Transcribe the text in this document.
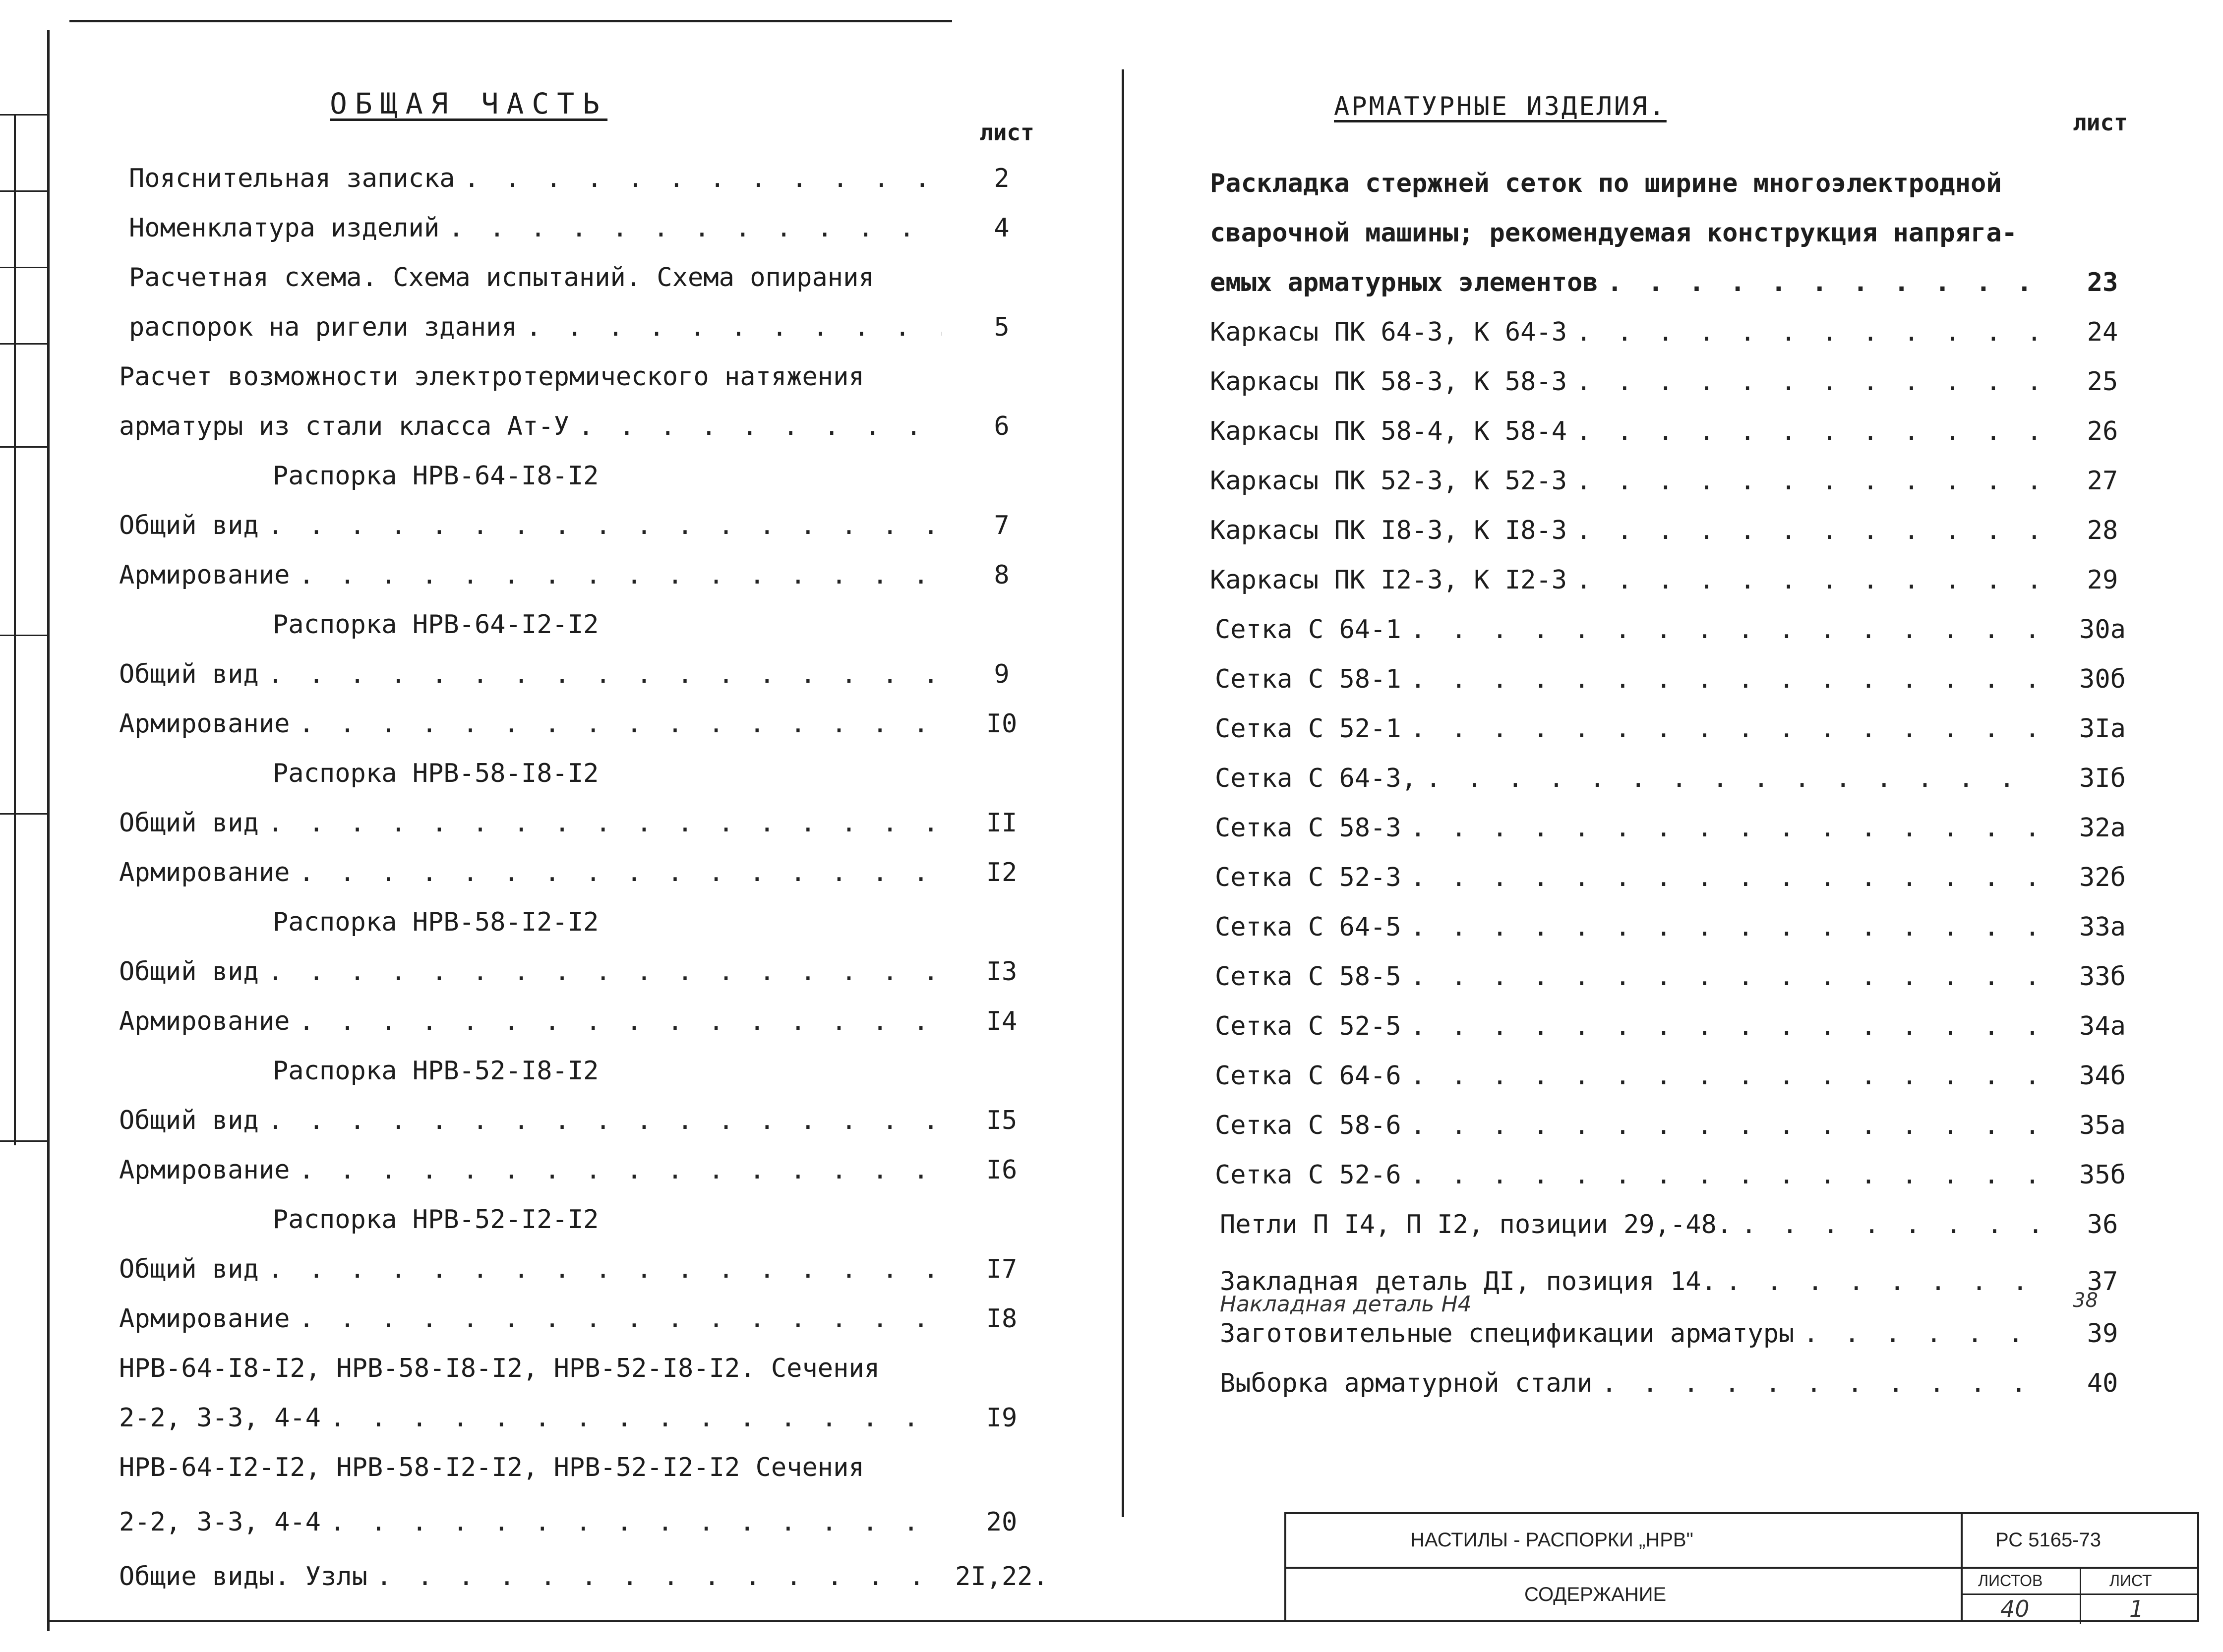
ОБЩАЯ ЧАСТЬ
лист
Пояснительная записка . . .	2
Номенклатура изделий . . .	4
Расчетная схема. Схема испытаний. Схема опирания
распорок на ригели здания . . .	5
Расчет возможности электротермического натяжения
арматуры из стали класса Ат-У . . .	6
Общий вид . . .	7
Армирование . . .	8
Общий вид . . .	9
Армирование . . .	I0
Общий вид . . .	II
Армирование . . .	I2
Общий вид . . .	I3
Армирование . . .	I4
Общий вид . . .	I5
Армирование . . .	I6
Общий вид . . .	I7
Армирование . . .	I8
НРВ-64-I8-I2, НРВ-58-I8-I2, НРВ-52-I8-I2. Сечения
2-2, 3-3, 4-4 . . .	I9
НРВ-64-I2-I2, НРВ-58-I2-I2, НРВ-52-I2-I2 Сечения
2-2, 3-3, 4-4 . . .	20
Общие виды. Узлы . . .	2I,22.
Распорка НРВ-64-I8-I2
Распорка НРВ-64-I2-I2
Распорка НРВ-58-I8-I2
Распорка НРВ-58-I2-I2
Распорка НРВ-52-I8-I2
Распорка НРВ-52-I2-I2
АРМАТУРНЫЕ ИЗДЕЛИЯ.
лист
Раскладка стержней сеток по ширине многоэлектродной
сварочной машины; рекомендуемая конструкция напряга-
емых арматурных элементов . . .	23
Каркасы ПК 64-3, К 64-3 . . .	24
Каркасы ПК 58-3, К 58-3 . . .	25
Каркасы ПК 58-4, К 58-4 . . .	26
Каркасы ПК 52-3, К 52-3 . . .	27
Каркасы ПК I8-3, К I8-3 . . .	28
Каркасы ПК I2-3, К I2-3 . . .	29
Сетка С 64-1 . . .	30а
Сетка С 58-1 . . .	30б
Сетка С 52-1 . . .	3Iа
Сетка С 64-3, . . .	3Iб
Сетка С 58-3 . . .	32а
Сетка С 52-3 . . .	32б
Сетка С 64-5 . . .	33а
Сетка С 58-5 . . .	33б
Сетка С 52-5 . . .	34а
Сетка С 64-6 . . .	34б
Сетка С 58-6 . . .	35а
Сетка С 52-6 . . .	35б
Петли П I4, П I2, позиции 29,-48. . . .	36
Закладная деталь ДI, позиция 14. . . .	37
Заготовительные спецификации арматуры . . .	39
Выборка арматурной стали . . .	40
Накладная деталь Н4	38
НАСТИЛЫ - РАСПОРКИ „НРВ"
СОДЕРЖАНИЕ
РС 5165-73
ЛИСТОВ	ЛИСТ
40	1
